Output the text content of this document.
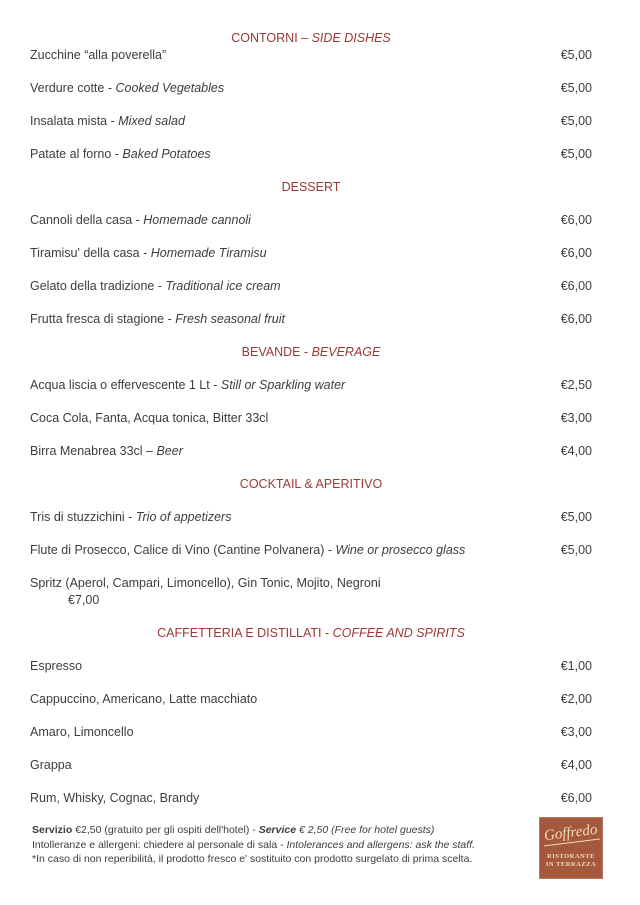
CONTORNI – SIDE DISHES
Zucchine “alla poverella”	€5,00
Verdure cotte - Cooked Vegetables	€5,00
Insalata mista - Mixed salad	€5,00
Patate al forno - Baked Potatoes	€5,00
DESSERT
Cannoli della casa - Homemade cannoli	€6,00
Tiramisu' della casa - Homemade Tiramisu	€6,00
Gelato della tradizione - Traditional ice cream	€6,00
Frutta fresca di stagione - Fresh seasonal fruit	€6,00
BEVANDE - BEVERAGE
Acqua liscia o effervescente 1 Lt - Still or Sparkling water	€2,50
Coca Cola, Fanta, Acqua tonica, Bitter 33cl	€3,00
Birra Menabrea 33cl – Beer	€4,00
COCKTAIL & APERITIVO
Tris di stuzzichini - Trio of appetizers	€5,00
Flute di Prosecco, Calice di Vino (Cantine Polvanera) - Wine or prosecco glass	€5,00
Spritz (Aperol, Campari, Limoncello), Gin Tonic, Mojito, Negroni
€7,00
CAFFETTERIA E DISTILLATI - COFFEE AND SPIRITS
Espresso	€1,00
Cappuccino, Americano, Latte macchiato	€2,00
Amaro, Limoncello	€3,00
Grappa	€4,00
Rum, Whisky, Cognac, Brandy	€6,00
Servizio €2,50 (gratuito per gli ospiti dell'hotel) - Service € 2,50 (Free for hotel guests)
Intolleranze e allergeni: chiedere al personale di sala - Intolerances and allergens: ask the staff.
*In caso di non reperibilità, il prodotto fresco e' sostituito con prodotto surgelato di prima scelta.
Goffredo
RISTORANTE
IN TERRAZZA
